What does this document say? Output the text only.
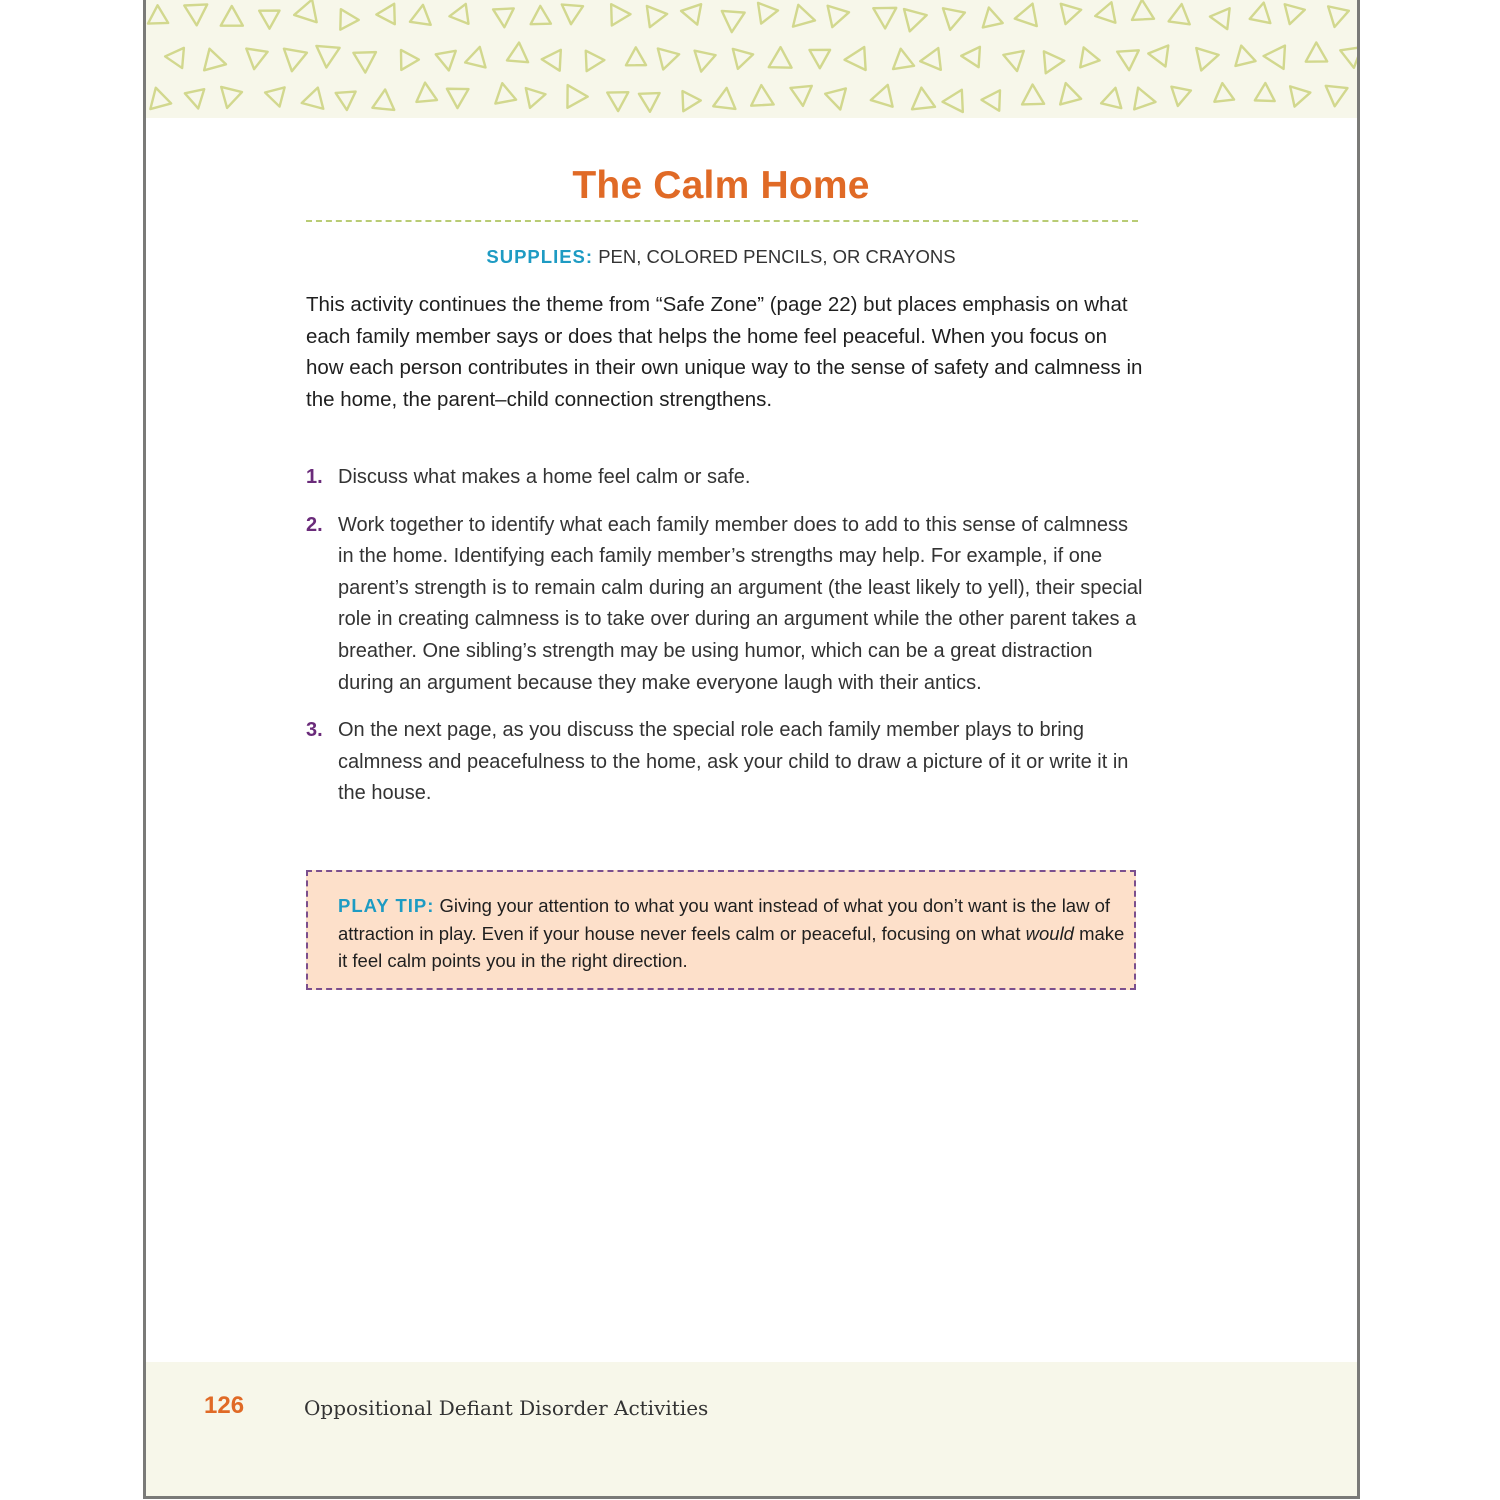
The Calm Home
SUPPLIES: PEN, COLORED PENCILS, OR CRAYONS

This activity continues the theme from “Safe Zone” (page 22) but places emphasis on what each family member says or does that helps the home feel peaceful. When you focus on how each person contributes in their own unique way to the sense of safety and calmness in the home, the parent–child connection strengthens.

1. Discuss what makes a home feel calm or safe.
2. Work together to identify what each family member does to add to this sense of calmness in the home. Identifying each family member’s strengths may help. For example, if one parent’s strength is to remain calm during an argument (the least likely to yell), their special role in creating calmness is to take over during an argument while the other parent takes a breather. One sibling’s strength may be using humor, which can be a great distraction during an argument because they make everyone laugh with their antics.
3. On the next page, as you discuss the special role each family member plays to bring calmness and peacefulness to the home, ask your child to draw a picture of it or write it in the house.

PLAY TIP: Giving your attention to what you want instead of what you don’t want is the law of attraction in play. Even if your house never feels calm or peaceful, focusing on what would make it feel calm points you in the right direction.

126	Oppositional Defiant Disorder Activities
